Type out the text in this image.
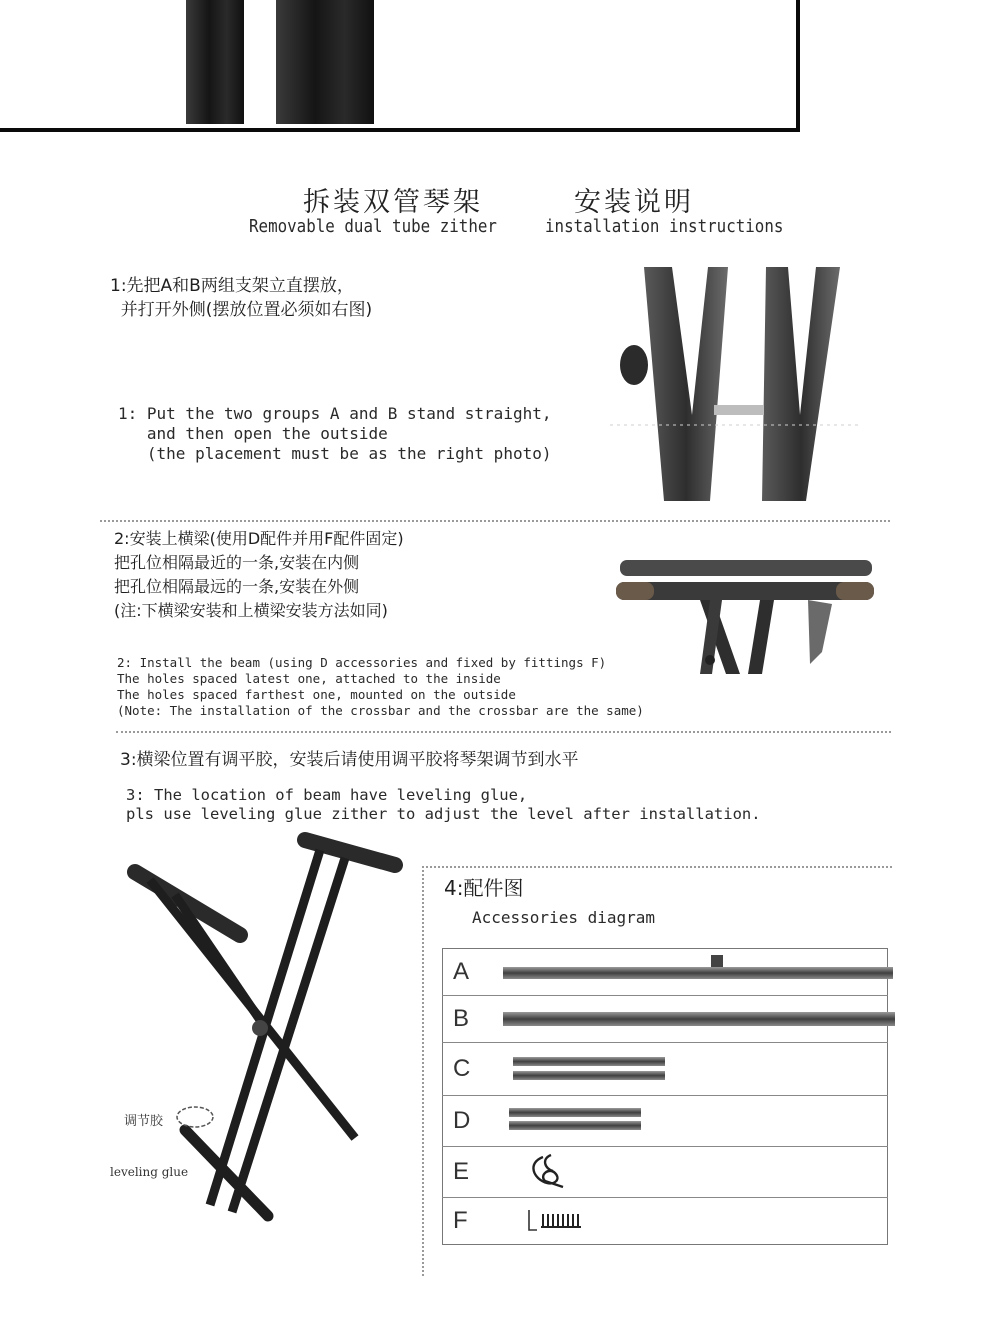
拆装双管琴架	安装说明
Removable dual tube zither	installation instructions
1:先把A和B两组支架立直摆放，
并打开外侧(摆放位置必须如右图)
1: Put the two groups A and B stand straight,
and then open the outside
(the placement must be as the right photo)
2:安装上横梁(使用D配件并用F配件固定)
把孔位相隔最近的一条,安装在内侧
把孔位相隔最远的一条,安装在外侧
(注:下横梁安装和上横梁安装方法如同)
2: Install the beam (using D accessories and fixed by fittings F)
The holes spaced latest one, attached to the inside
The holes spaced farthest one, mounted on the outside
(Note: The installation of the crossbar and the crossbar are the same)
3:横梁位置有调平胶，安装后请使用调平胶将琴架调节到水平
3: The location of beam have leveling glue,
pls use leveling glue zither to adjust the level after installation.
调节胶
leveling glue
4:配件图
Accessories diagram
A	

B	

C	

D	

E	

F	
